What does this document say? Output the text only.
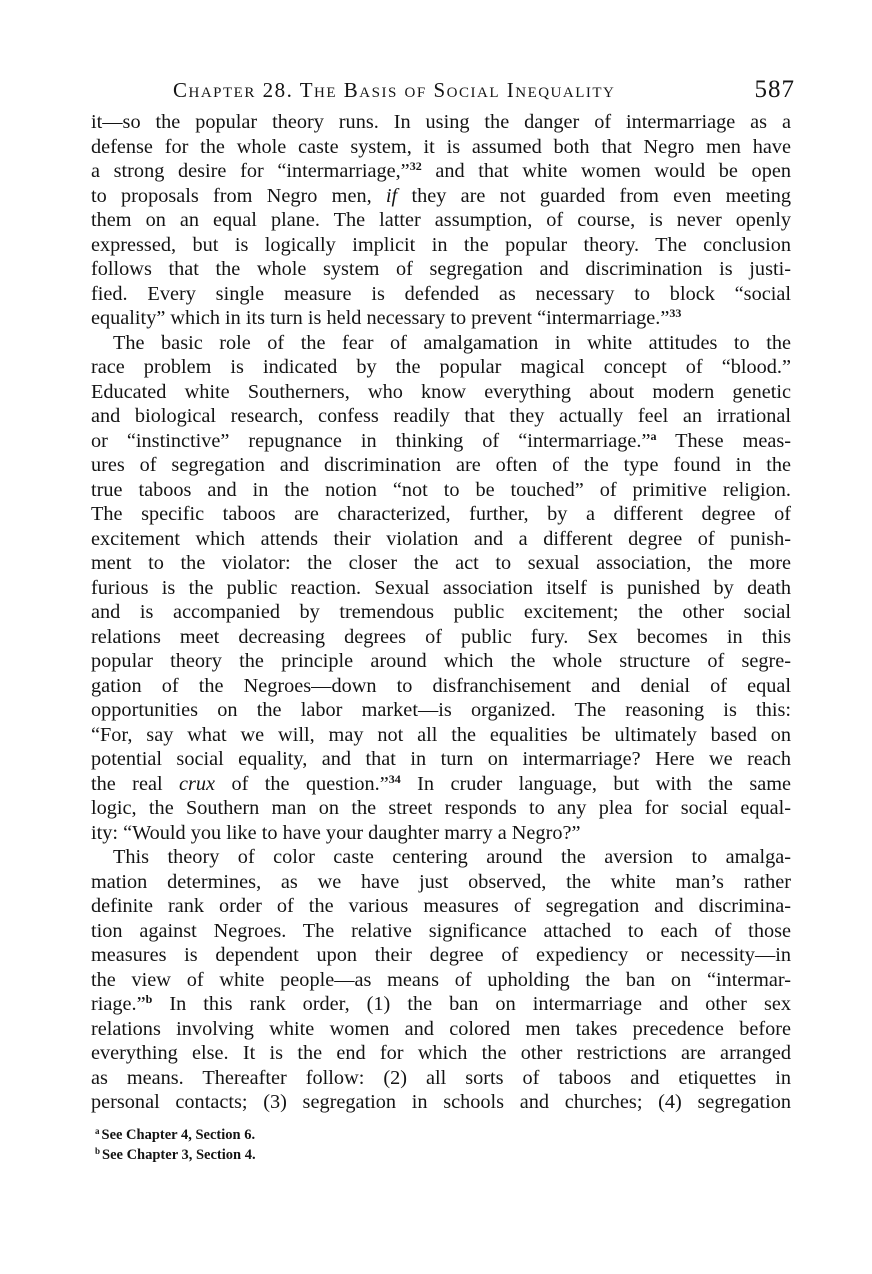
Chapter 28. The Basis of Social Inequality	587
it—so the popular theory runs. In using the danger of intermarriage as a
defense for the whole caste system, it is assumed both that Negro men have
a strong desire for “intermarriage,”$^{32}$ and that white women would be open
to proposals from Negro men, if they are not guarded from even meeting
them on an equal plane. The latter assumption, of course, is never openly
expressed, but is logically implicit in the popular theory. The conclusion
follows that the whole system of segregation and discrimination is justi-
fied. Every single measure is defended as necessary to block “social
equality” which in its turn is held necessary to prevent “intermarriage.”$^{33}$
The basic role of the fear of amalgamation in white attitudes to the
race problem is indicated by the popular magical concept of “blood.”
Educated white Southerners, who know everything about modern genetic
and biological research, confess readily that they actually feel an irrational
or “instinctive” repugnance in thinking of “intermarriage.”$^a$ These meas-
ures of segregation and discrimination are often of the type found in the
true taboos and in the notion “not to be touched” of primitive religion.
The specific taboos are characterized, further, by a different degree of
excitement which attends their violation and a different degree of punish-
ment to the violator: the closer the act to sexual association, the more
furious is the public reaction. Sexual association itself is punished by death
and is accompanied by tremendous public excitement; the other social
relations meet decreasing degrees of public fury. Sex becomes in this
popular theory the principle around which the whole structure of segre-
gation of the Negroes—down to disfranchisement and denial of equal
opportunities on the labor market—is organized. The reasoning is this:
“For, say what we will, may not all the equalities be ultimately based on
potential social equality, and that in turn on intermarriage? Here we reach
the real crux of the question.”$^{34}$ In cruder language, but with the same
logic, the Southern man on the street responds to any plea for social equal-
ity: “Would you like to have your daughter marry a Negro?”
This theory of color caste centering around the aversion to amalga-
mation determines, as we have just observed, the white man’s rather
definite rank order of the various measures of segregation and discrimina-
tion against Negroes. The relative significance attached to each of those
measures is dependent upon their degree of expediency or necessity—in
the view of white people—as means of upholding the ban on “intermar-
riage.”$^b$ In this rank order, (1) the ban on intermarriage and other sex
relations involving white women and colored men takes precedence before
everything else. It is the end for which the other restrictions are arranged
as means. Thereafter follow: (2) all sorts of taboos and etiquettes in
personal contacts; (3) segregation in schools and churches; (4) segregation
$^a$ See Chapter 4, Section 6.
$^b$ See Chapter 3, Section 4.
